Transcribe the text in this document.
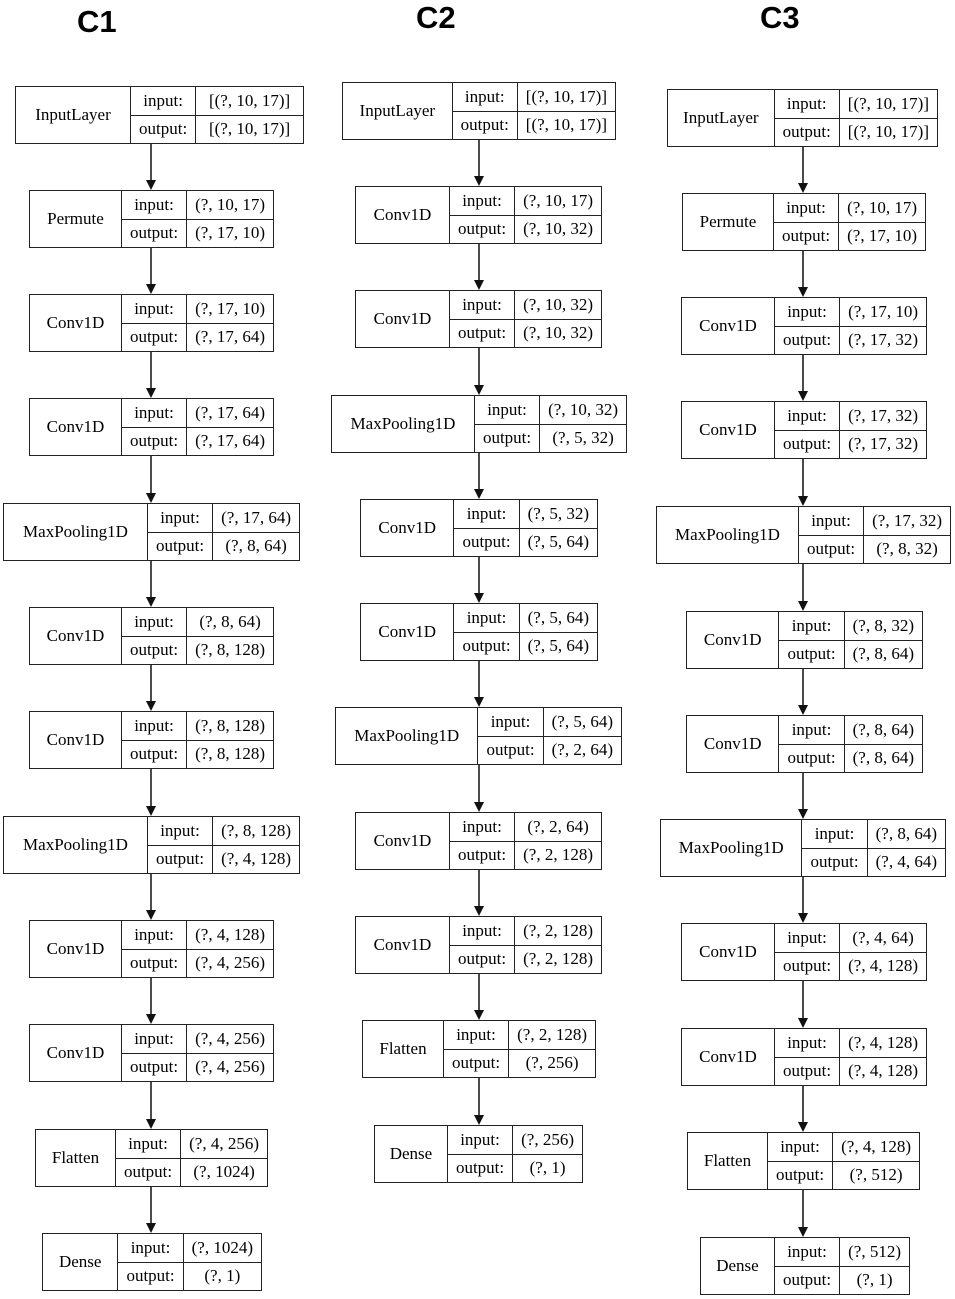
C1	C2	C3
InputLayer
input:
output:
[(?, 10, 17)]
[(?, 10, 17)]
Permute
input:
output:
(?, 10, 17)
(?, 17, 10)
Conv1D
input:
output:
(?, 17, 10)
(?, 17, 64)
Conv1D
input:
output:
(?, 17, 64)
(?, 17, 64)
MaxPooling1D
input:
output:
(?, 17, 64)
(?, 8, 64)
Conv1D
input:
output:
(?, 8, 64)
(?, 8, 128)
Conv1D
input:
output:
(?, 8, 128)
(?, 8, 128)
MaxPooling1D
input:
output:
(?, 8, 128)
(?, 4, 128)
Conv1D
input:
output:
(?, 4, 128)
(?, 4, 256)
Conv1D
input:
output:
(?, 4, 256)
(?, 4, 256)
Flatten
input:
output:
(?, 4, 256)
(?, 1024)
Dense
input:
output:
(?, 1024)
(?, 1)
InputLayer
input:
output:
[(?, 10, 17)]
[(?, 10, 17)]
Conv1D
input:
output:
(?, 10, 17)
(?, 10, 32)
Conv1D
input:
output:
(?, 10, 32)
(?, 10, 32)
MaxPooling1D
input:
output:
(?, 10, 32)
(?, 5, 32)
Conv1D
input:
output:
(?, 5, 32)
(?, 5, 64)
Conv1D
input:
output:
(?, 5, 64)
(?, 5, 64)
MaxPooling1D
input:
output:
(?, 5, 64)
(?, 2, 64)
Conv1D
input:
output:
(?, 2, 64)
(?, 2, 128)
Conv1D
input:
output:
(?, 2, 128)
(?, 2, 128)
Flatten
input:
output:
(?, 2, 128)
(?, 256)
Dense
input:
output:
(?, 256)
(?, 1)
InputLayer
input:
output:
[(?, 10, 17)]
[(?, 10, 17)]
Permute
input:
output:
(?, 10, 17)
(?, 17, 10)
Conv1D
input:
output:
(?, 17, 10)
(?, 17, 32)
Conv1D
input:
output:
(?, 17, 32)
(?, 17, 32)
MaxPooling1D
input:
output:
(?, 17, 32)
(?, 8, 32)
Conv1D
input:
output:
(?, 8, 32)
(?, 8, 64)
Conv1D
input:
output:
(?, 8, 64)
(?, 8, 64)
MaxPooling1D
input:
output:
(?, 8, 64)
(?, 4, 64)
Conv1D
input:
output:
(?, 4, 64)
(?, 4, 128)
Conv1D
input:
output:
(?, 4, 128)
(?, 4, 128)
Flatten
input:
output:
(?, 4, 128)
(?, 512)
Dense
input:
output:
(?, 512)
(?, 1)
